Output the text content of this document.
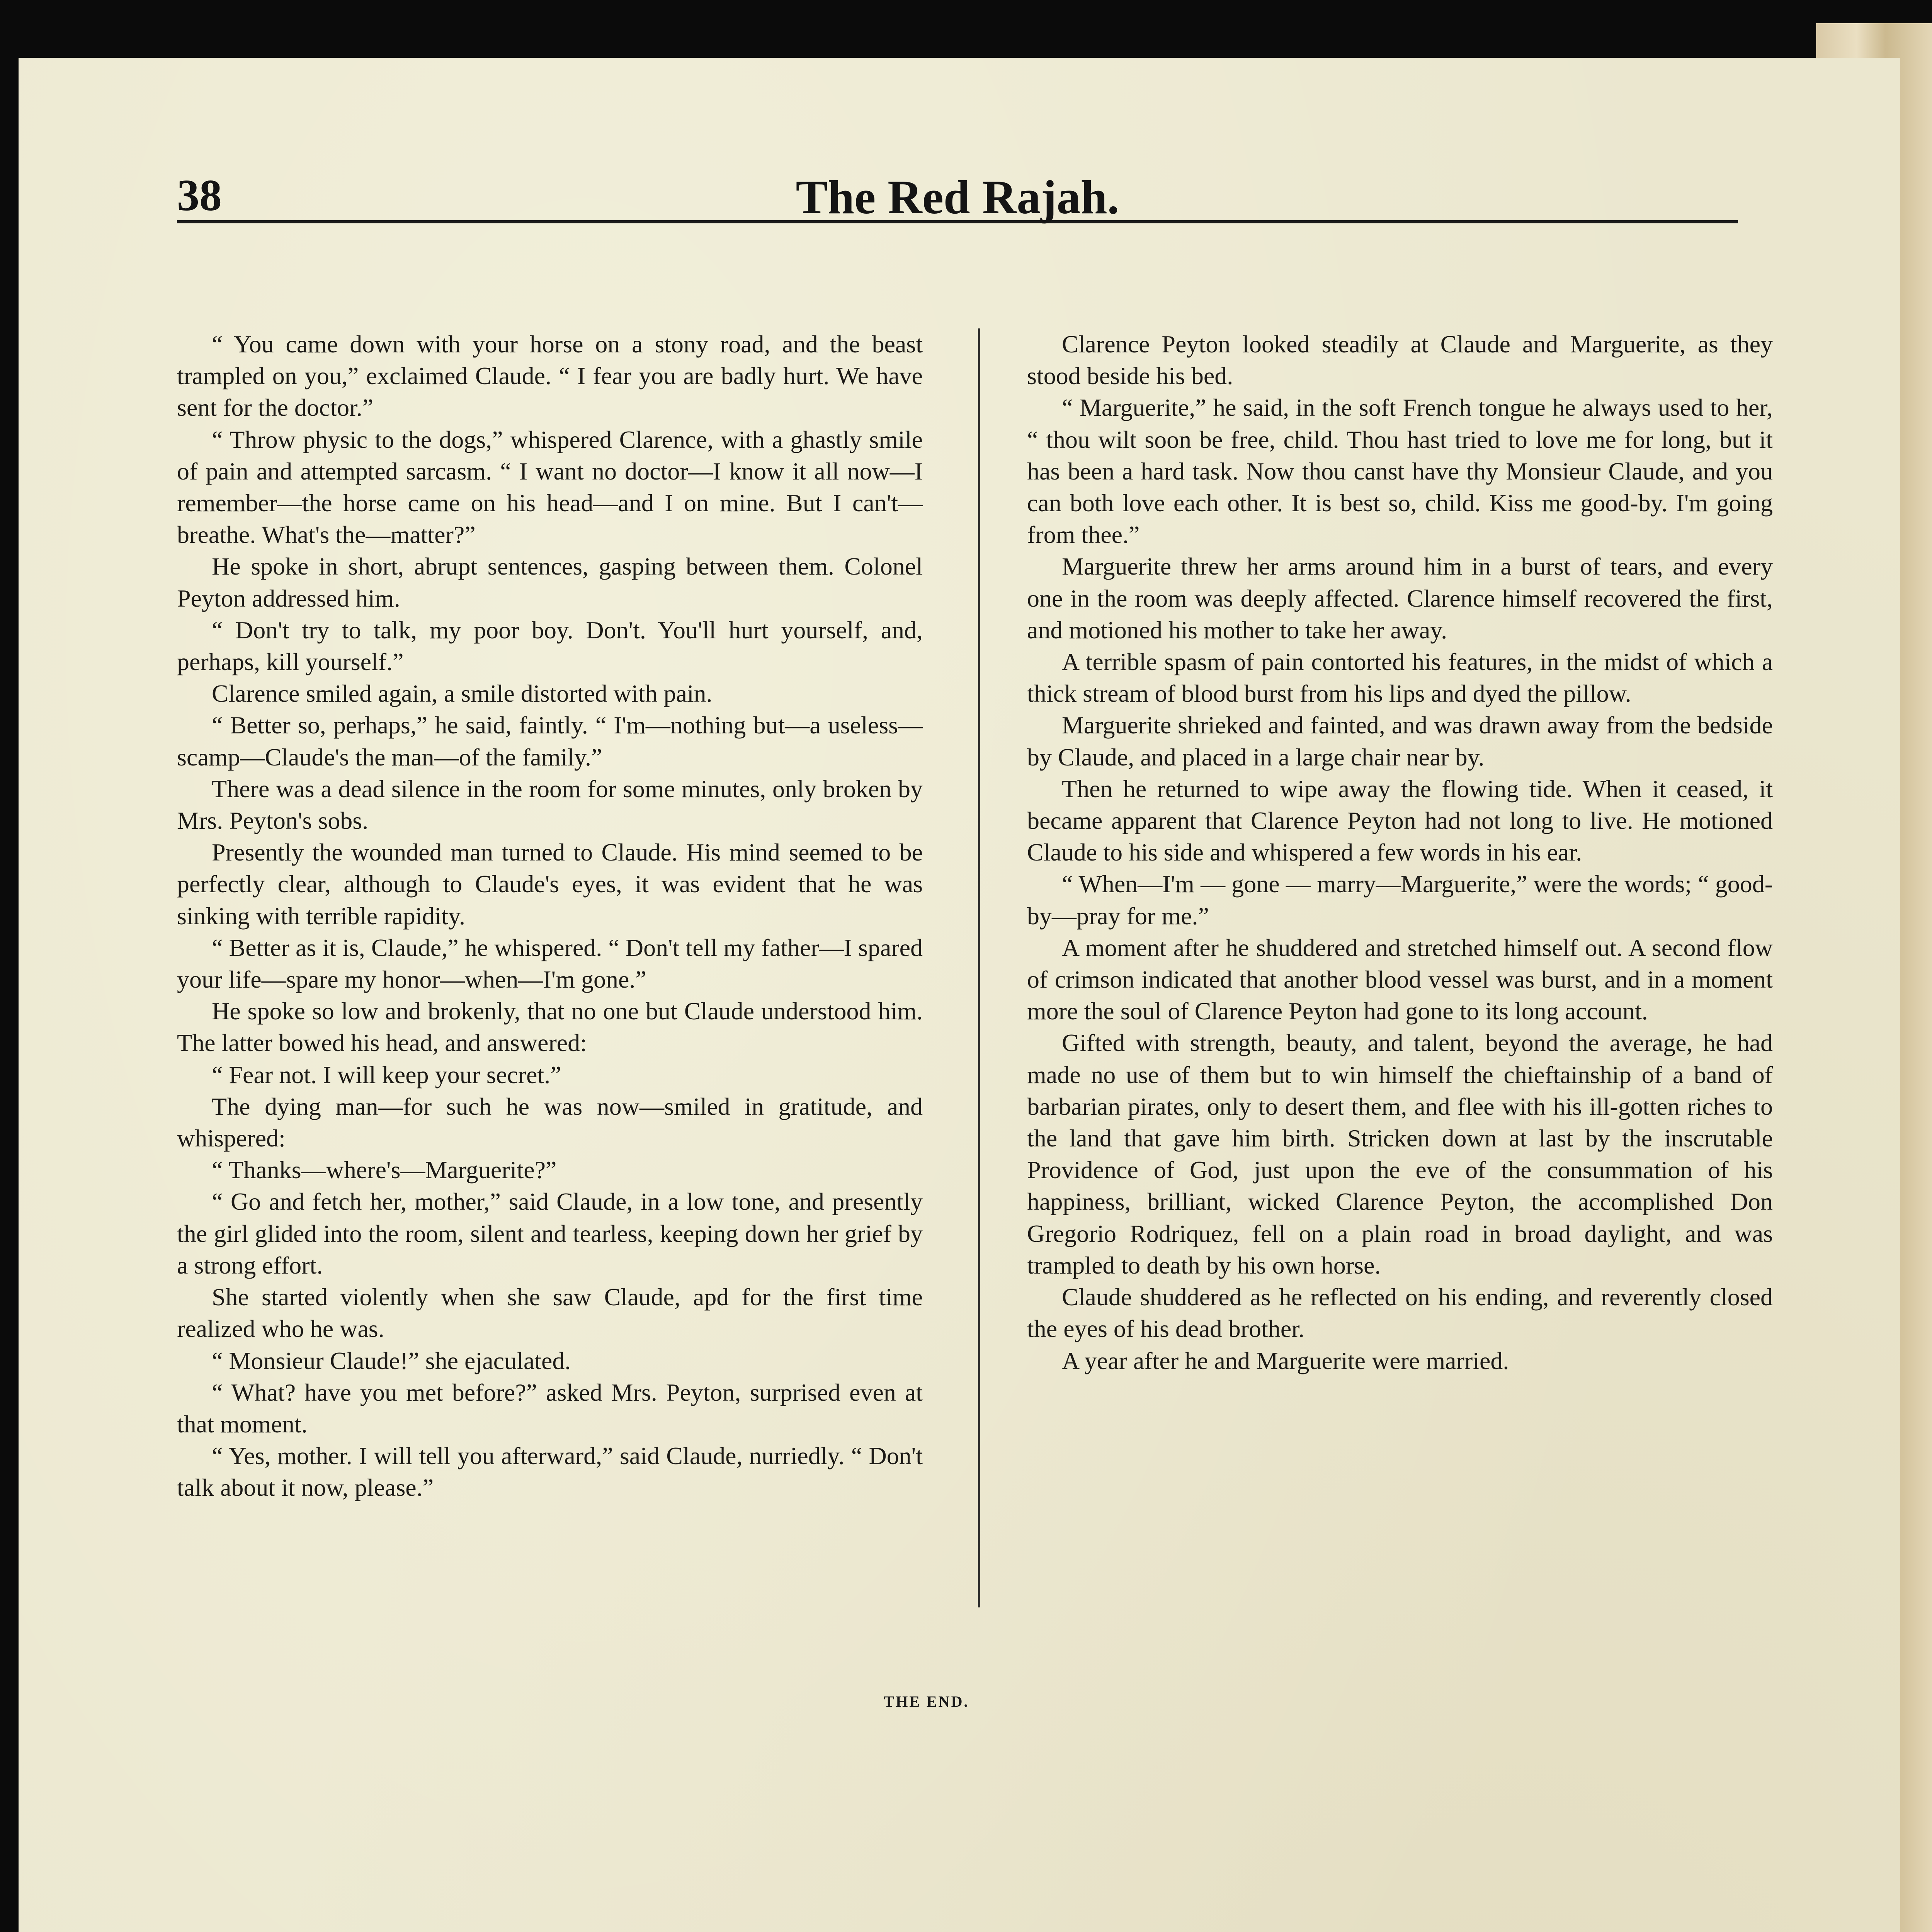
38	The Red Rajah.

“ You came down with your horse on a stony road, and the beast trampled on you,” exclaimed Claude. “ I fear you are badly hurt. We have sent for the doctor.”

“ Throw physic to the dogs,” whispered Clarence, with a ghastly smile of pain and attempted sarcasm. “ I want no doctor—I know it all now—I remember—the horse came on his head—and I on mine. But I can't—breathe. What's the—matter?”

He spoke in short, abrupt sentences, gasping between them. Colonel Peyton addressed him.

“ Don't try to talk, my poor boy. Don't. You'll hurt yourself, and, perhaps, kill yourself.”

Clarence smiled again, a smile distorted with pain.

“ Better so, perhaps,” he said, faintly. “ I'm—nothing but—a useless—scamp—Claude's the man—of the family.”

There was a dead silence in the room for some minutes, only broken by Mrs. Peyton's sobs.

Presently the wounded man turned to Claude. His mind seemed to be perfectly clear, although to Claude's eyes, it was evident that he was sinking with terrible rapidity.

“ Better as it is, Claude,” he whispered. “ Don't tell my father—I spared your life—spare my honor—when—I'm gone.”

He spoke so low and brokenly, that no one but Claude understood him. The latter bowed his head, and answered:

“ Fear not. I will keep your secret.”

The dying man—for such he was now—smiled in gratitude, and whispered:

“ Thanks—where's—Marguerite?”

“ Go and fetch her, mother,” said Claude, in a low tone, and presently the girl glided into the room, silent and tearless, keeping down her grief by a strong effort.

She started violently when she saw Claude, apd for the first time realized who he was.

“ Monsieur Claude!” she ejaculated.

“ What? have you met before?” asked Mrs. Peyton, surprised even at that moment.

“ Yes, mother. I will tell you afterward,” said Claude, nurriedly. “ Don't talk about it now, please.”

Clarence Peyton looked steadily at Claude and Marguerite, as they stood beside his bed.

“ Marguerite,” he said, in the soft French tongue he always used to her, “ thou wilt soon be free, child. Thou hast tried to love me for long, but it has been a hard task. Now thou canst have thy Monsieur Claude, and you can both love each other. It is best so, child. Kiss me good-by. I'm going from thee.”

Marguerite threw her arms around him in a burst of tears, and every one in the room was deeply affected. Clarence himself recovered the first, and motioned his mother to take her away.

A terrible spasm of pain contorted his features, in the midst of which a thick stream of blood burst from his lips and dyed the pillow.

Marguerite shrieked and fainted, and was drawn away from the bedside by Claude, and placed in a large chair near by.

Then he returned to wipe away the flowing tide. When it ceased, it became apparent that Clarence Peyton had not long to live. He motioned Claude to his side and whispered a few words in his ear.

“ When—I'm — gone — marry—Marguerite,” were the words; “ good-by—pray for me.”

A moment after he shuddered and stretched himself out. A second flow of crimson indicated that another blood vessel was burst, and in a moment more the soul of Clarence Peyton had gone to its long account.

Gifted with strength, beauty, and talent, beyond the average, he had made no use of them but to win himself the chieftainship of a band of barbarian pirates, only to desert them, and flee with his ill-gotten riches to the land that gave him birth. Stricken down at last by the inscrutable Providence of God, just upon the eve of the consummation of his happiness, brilliant, wicked Clarence Peyton, the accomplished Don Gregorio Rodriquez, fell on a plain road in broad daylight, and was trampled to death by his own horse.

Claude shuddered as he reflected on his ending, and reverently closed the eyes of his dead brother.

A year after he and Marguerite were married.

THE END.
